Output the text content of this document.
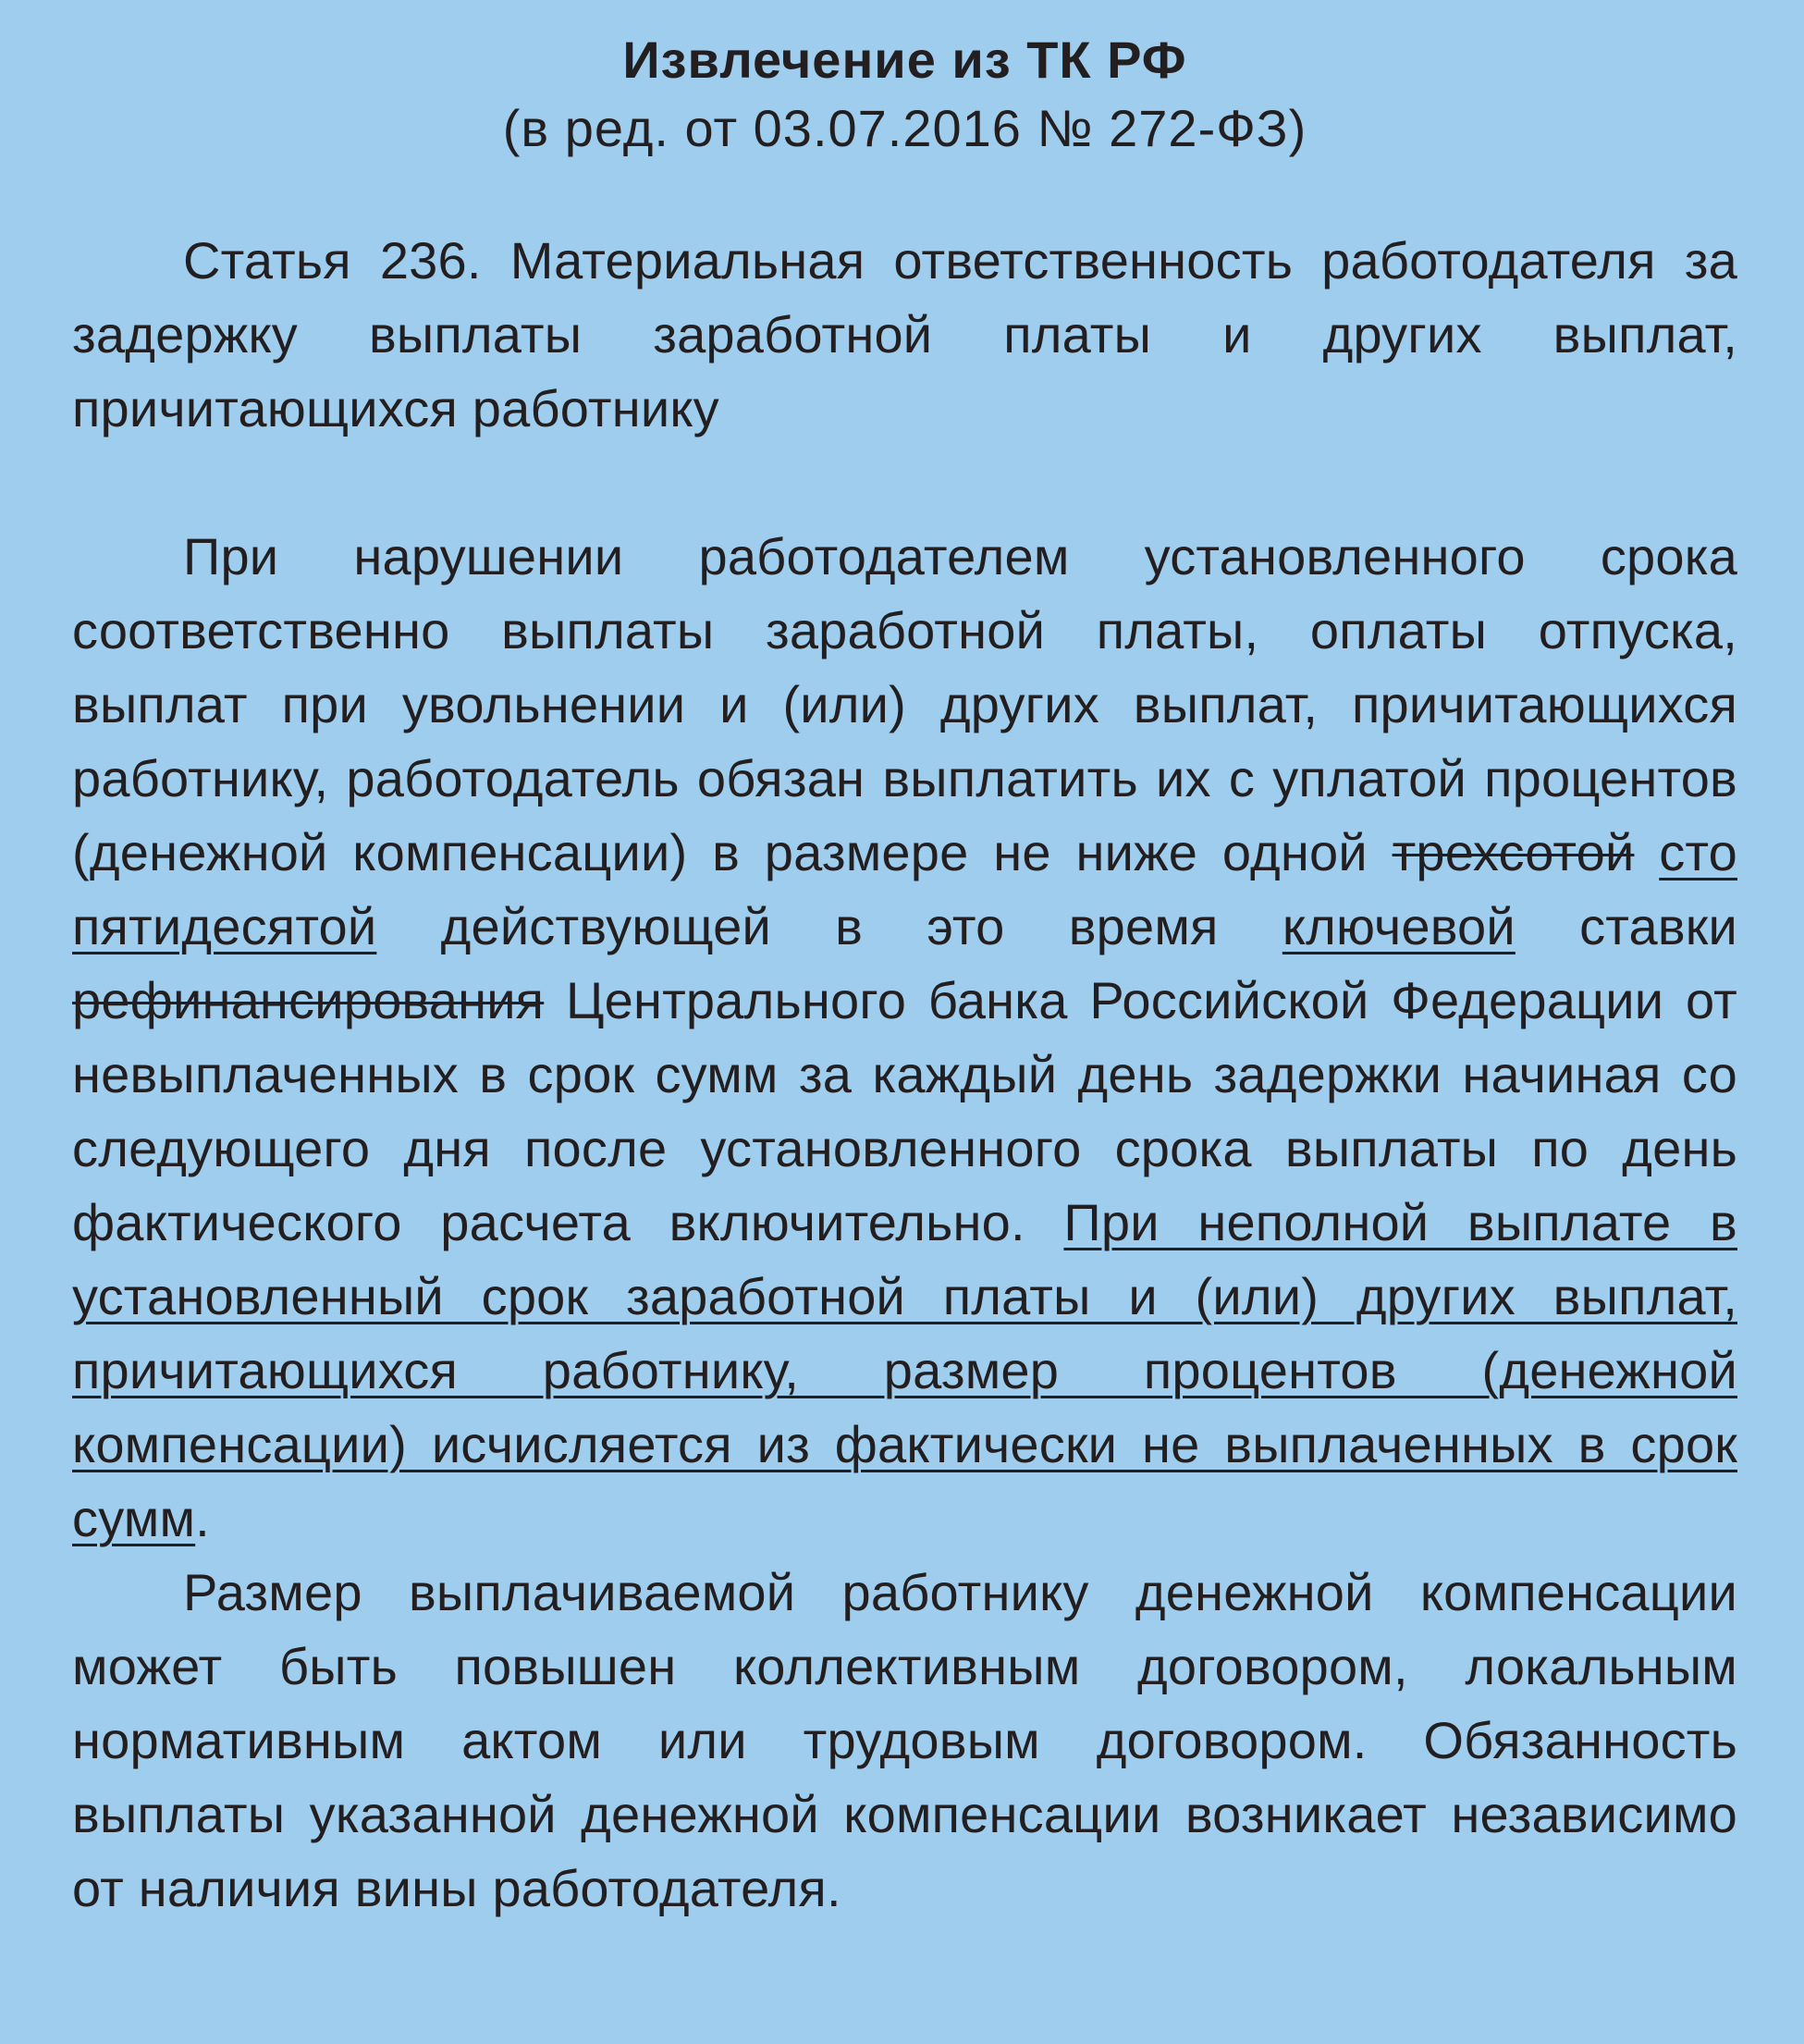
Извлечение из ТК РФ

(в ред. от 03.07.2016 № 272-ФЗ)

Статья 236. Материальная ответственность работодателя за задержку выплаты заработной платы и других выплат, причитающихся работнику

При нарушении работодателем установленного срока соответственно выплаты заработной платы, оплаты отпуска, выплат при увольнении и (или) других выплат, причитающихся работнику, работодатель обязан выплатить их с уплатой процентов (денежной компенсации) в размере не ниже одной трехсотой сто пятидесятой действующей в это время ключевой ставки рефинансирования Центрального банка Российской Федерации от невыплаченных в срок сумм за каждый день задержки начиная со следующего дня после установленного срока выплаты по день фактического расчета включительно. При неполной выплате в установленный срок заработной платы и (или) других выплат, причитающихся работнику, размер процентов (денежной компенсации) исчисляется из фактически не выплаченных в срок сумм.

Размер выплачиваемой работнику денежной компенсации может быть повышен коллективным договором, локальным нормативным актом или трудовым договором. Обязанность выплаты указанной денежной компенсации возникает независимо от наличия вины работодателя.
